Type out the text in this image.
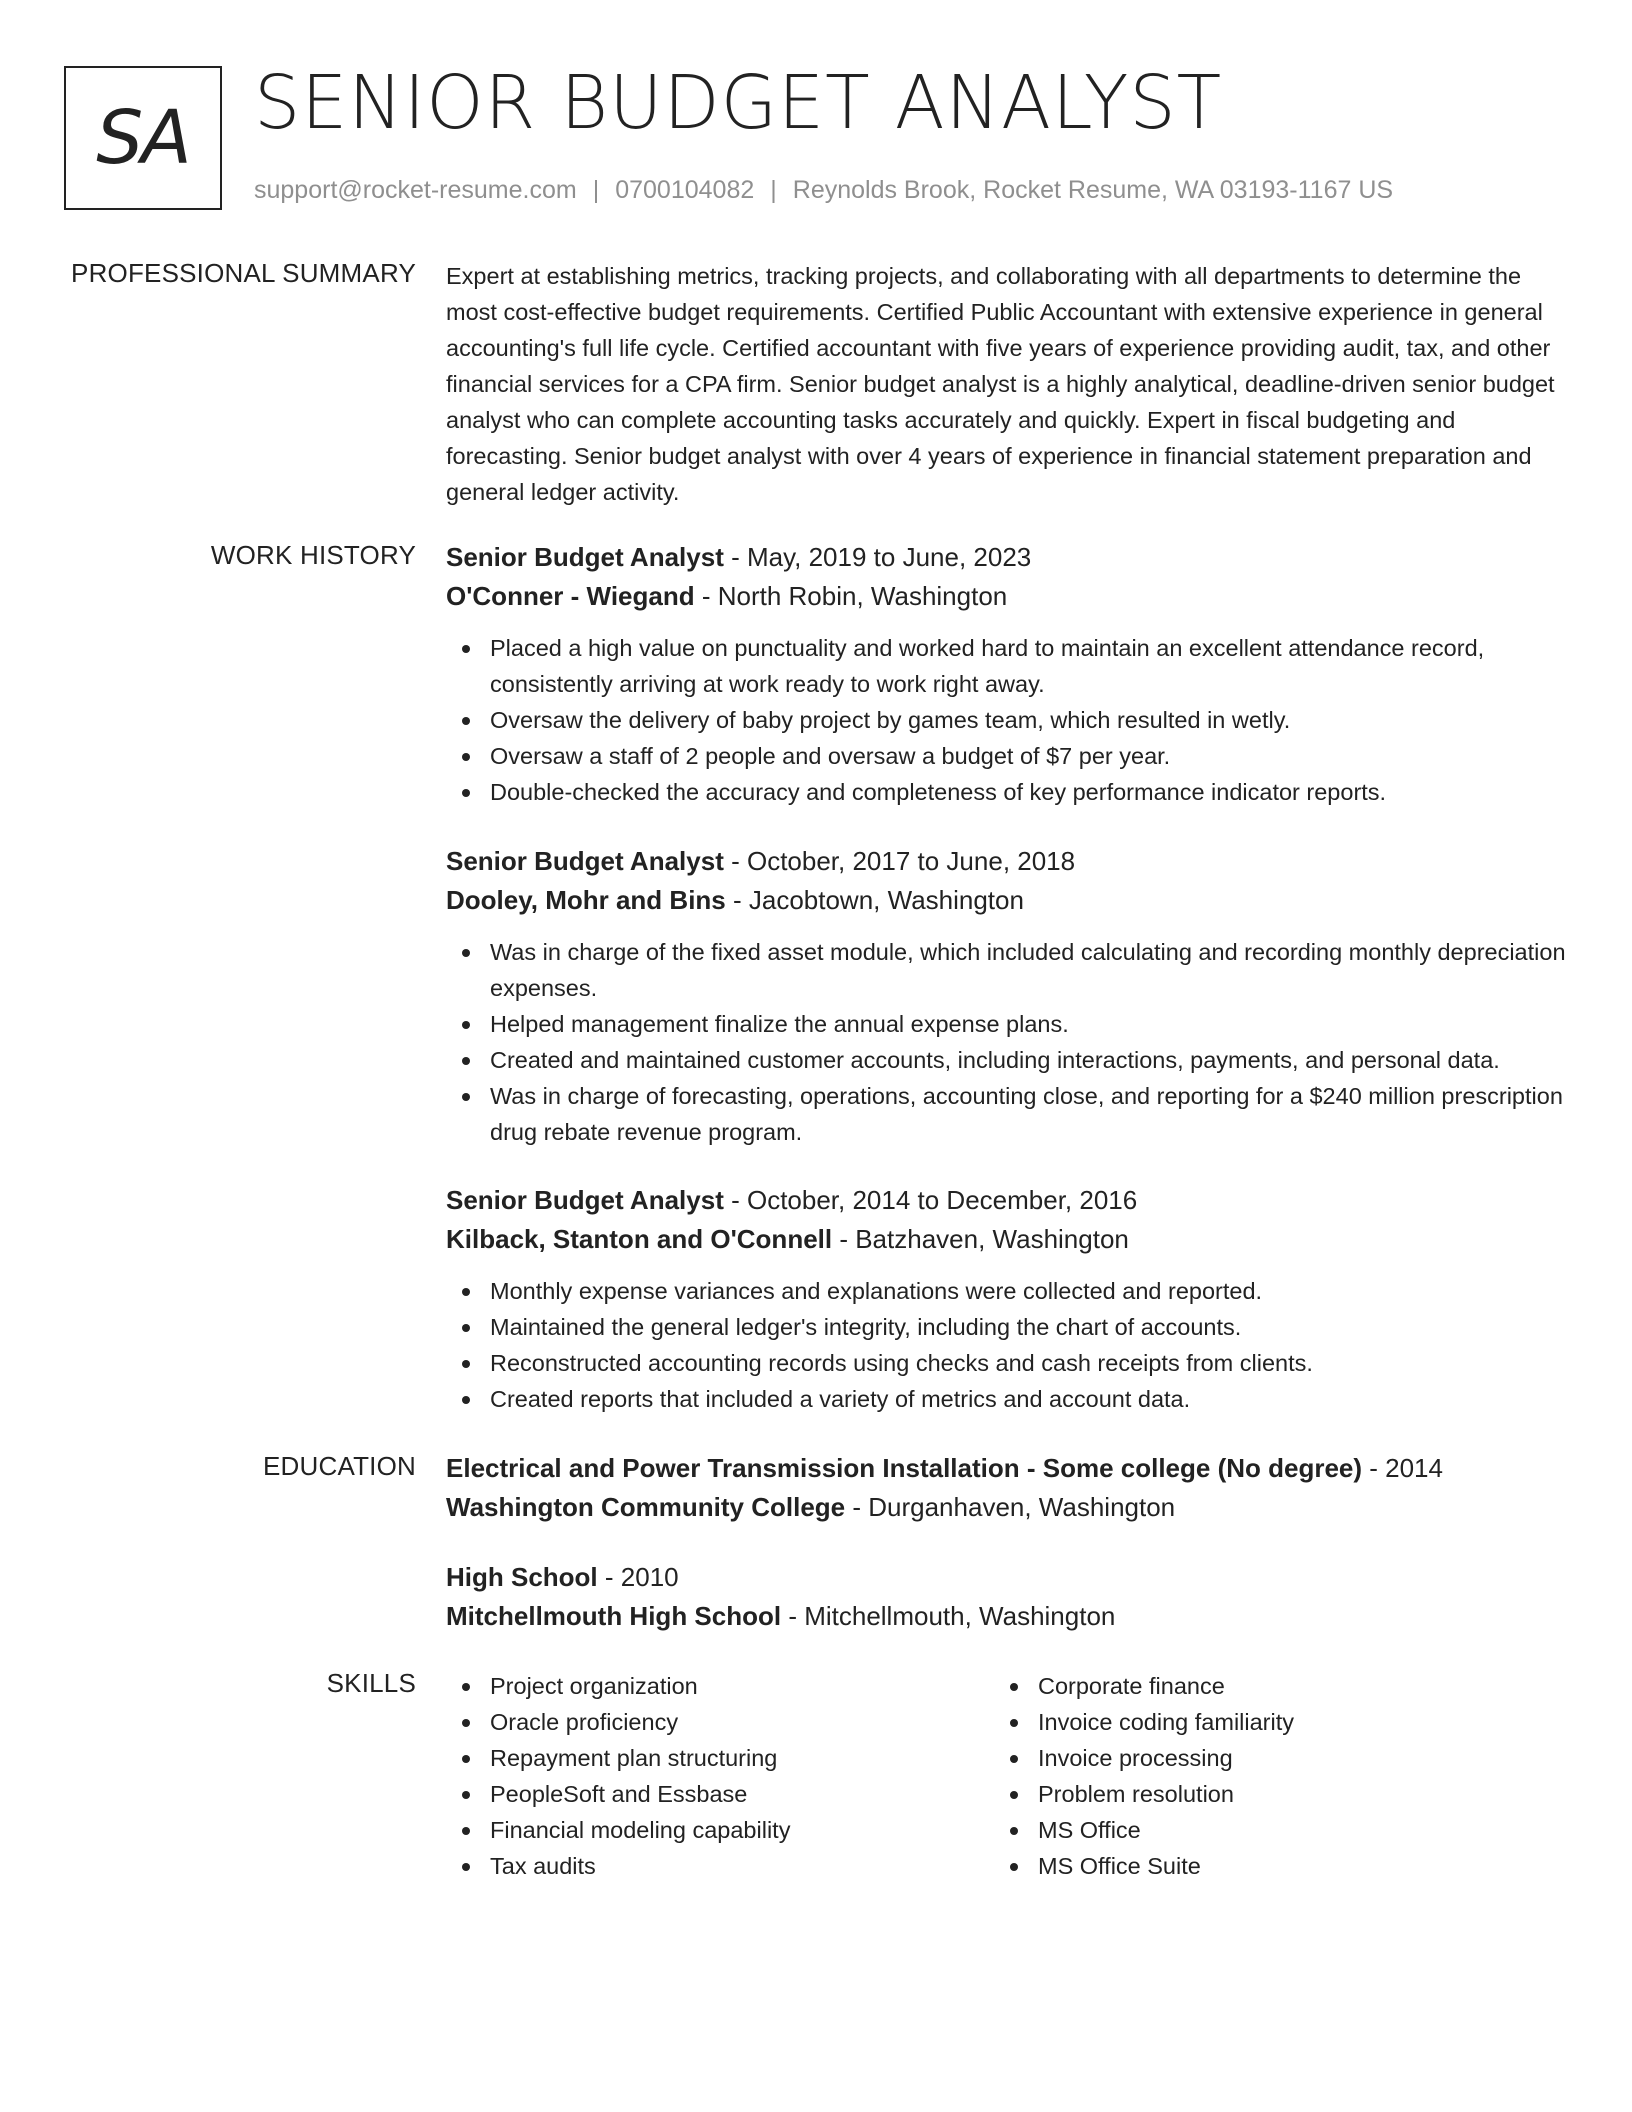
SA SENIOR BUDGET ANALYST
support@rocket-resume.com | 0700104082 | Reynolds Brook, Rocket Resume, WA 03193-1167 US
PROFESSIONAL SUMMARY Expert at establishing metrics, tracking projects, and collaborating with all departments to determine the most cost-effective budget requirements. Certified Public Accountant with extensive experience in general accounting's full life cycle. Certified accountant with five years of experience providing audit, tax, and other financial services for a CPA firm. Senior budget analyst is a highly analytical, deadline-driven senior budget analyst who can complete accounting tasks accurately and quickly. Expert in fiscal budgeting and forecasting. Senior budget analyst with over 4 years of experience in financial statement preparation and general ledger activity.

WORK HISTORY Senior Budget Analyst - May, 2019 to June, 2023
O'Conner - Wiegand - North Robin, Washington
Placed a high value on punctuality and worked hard to maintain an excellent attendance record, consistently arriving at work ready to work right away.
Oversaw the delivery of baby project by games team, which resulted in wetly.
Oversaw a staff of 2 people and oversaw a budget of $7 per year.
Double-checked the accuracy and completeness of key performance indicator reports.
Senior Budget Analyst - October, 2017 to June, 2018
Dooley, Mohr and Bins - Jacobtown, Washington
Was in charge of the fixed asset module, which included calculating and recording monthly depreciation expenses.
Helped management finalize the annual expense plans.
Created and maintained customer accounts, including interactions, payments, and personal data.
Was in charge of forecasting, operations, accounting close, and reporting for a $240 million prescription drug rebate revenue program.
Senior Budget Analyst - October, 2014 to December, 2016
Kilback, Stanton and O'Connell - Batzhaven, Washington
Monthly expense variances and explanations were collected and reported.
Maintained the general ledger's integrity, including the chart of accounts.
Reconstructed accounting records using checks and cash receipts from clients.
Created reports that included a variety of metrics and account data.
EDUCATION Electrical and Power Transmission Installation - Some college (No degree) - 2014
Washington Community College - Durganhaven, Washington
High School - 2010
Mitchellmouth High School - Mitchellmouth, Washington
SKILLS	Project organization
Oracle proficiency
Repayment plan structuring
PeopleSoft and Essbase
Financial modeling capability
Tax audits
Corporate finance
Invoice coding familiarity
Invoice processing
Problem resolution
MS Office
MS Office Suite
